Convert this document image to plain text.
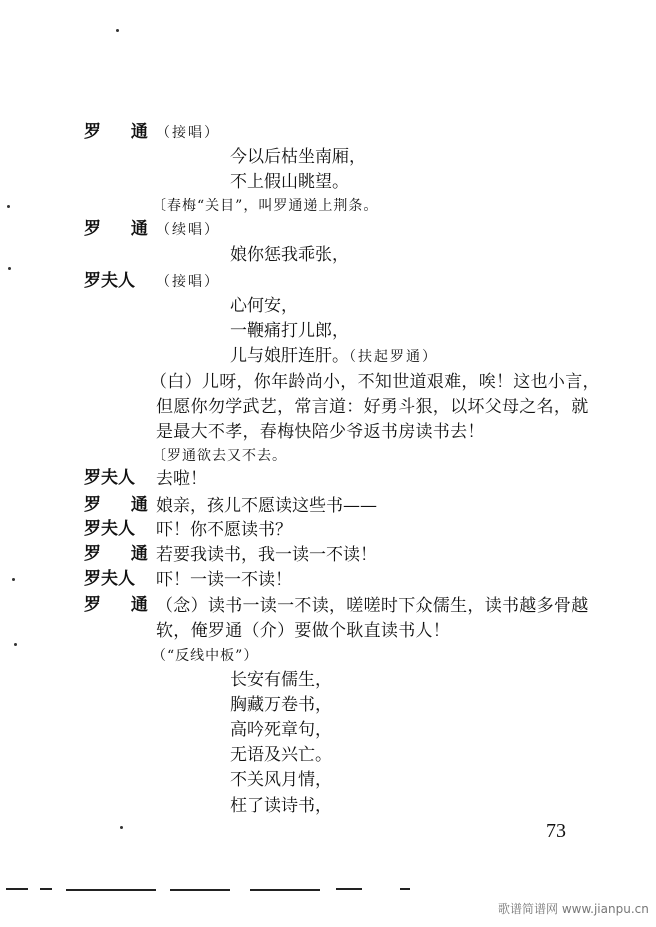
罗 通
罗 通
罗夫人
罗夫人
罗 通
罗夫人
罗 通
罗夫人
罗 通
（接唱）
今以后枯坐南厢，
不上假山眺望。
〔春梅“关目”，叫罗通递上荆条。
（续唱）
娘你惩我乖张，
（接唱）
心何安，
一鞭痛打儿郎，
儿与娘肝连肝。（扶起罗通）
（白）儿呀，你年龄尚小，不知世道艰难，唉！这也小言，
但愿你勿学武艺，常言道：好勇斗狠，以坏父母之名，就
是最大不孝，春梅快陪少爷返书房读书去！
〔罗通欲去又不去。
去啦！
娘亲，孩儿不愿读这些书——
吓！你不愿读书？
若要我读书，我一读一不读！
吓！一读一不读！
（念）读书一读一不读，嗟嗟时下众儒生，读书越多骨越
软，俺罗通（介）要做个耿直读书人！
（“反线中板”）
长安有儒生，
胸藏万卷书，
高吟死章句，
无语及兴亡。
不关风月情，
枉了读诗书，
73
歌谱简谱网 www.jianpu.cn
